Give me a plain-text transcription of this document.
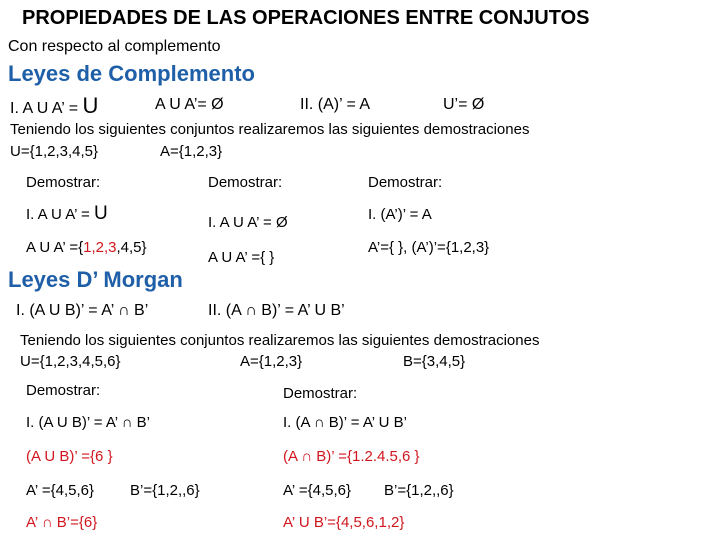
PROPIEDADES DE LAS OPERACIONES ENTRE CONJUTOS
Con respecto al complemento
Leyes de Complemento
I. A U A’ = U	A U A’= Ø	II. (A)’ = A	U’= Ø
Teniendo los siguientes conjuntos realizaremos las siguientes demostraciones
U={1,2,3,4,5}	A={1,2,3}
Demostrar:
I. A U A’ = U
A U A’ ={1,2,3,4,5}
Demostrar:
I. A U A’ = Ø
A U A’ ={ }
Demostrar:
I. (A’)’ = A
A’={ }, (A’)’={1,2,3}
Leyes D’ Morgan
I. (A U B)’ = A’ ∩ B’	II. (A ∩ B)’ = A’ U B’
Teniendo los siguientes conjuntos realizaremos las siguientes demostraciones
U={1,2,3,4,5,6}	A={1,2,3}	B={3,4,5}
Demostrar:
I. (A U B)’ = A’ ∩ B’
(A U B)’ ={6 }
A’ ={4,5,6} B’={1,2,,6}
A’ ∩ B’={6}
Demostrar:
I. (A ∩ B)’ = A’ U B’
(A ∩ B)’ ={1.2.4.5,6 }
A’ ={4,5,6} B’={1,2,,6}
A’ U B’={4,5,6,1,2}
